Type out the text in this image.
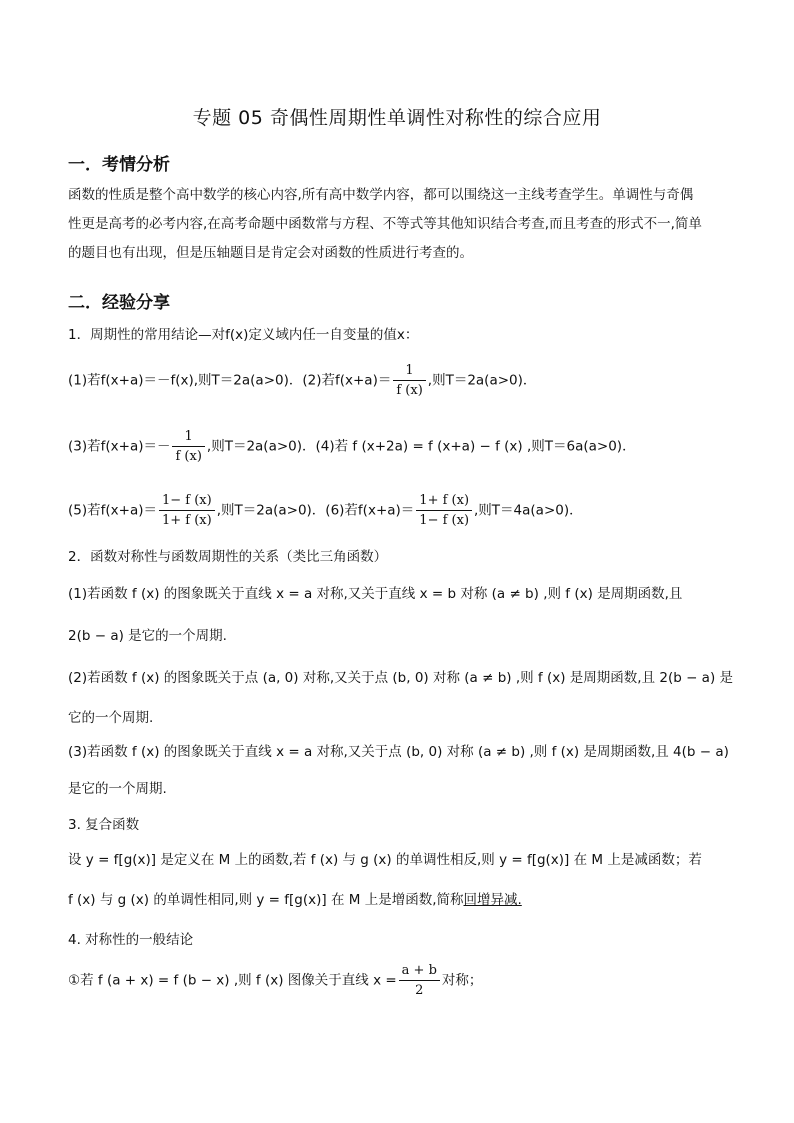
专题 05 奇偶性周期性单调性对称性的综合应用
一．考情分析
函数的性质是整个高中数学的核心内容,所有高中数学内容，都可以围绕这一主线考查学生。单调性与奇偶
性更是高考的必考内容,在高考命题中函数常与方程、不等式等其他知识结合考查,而且考查的形式不一,简单
的题目也有出现，但是压轴题目是肯定会对函数的性质进行考查的。
二．经验分享
1．周期性的常用结论—对f(x)定义域内任一自变量的值x：
(1)若f(x+a)＝－f(x),则T＝2a(a>0)．(2)若$f(x+a)= \frac{1}{f (x)}$ ,则T＝2a(a>0)．
(3)若$f(x+a)=- \frac{1}{f (x)}$ ,则T＝2a(a>0)．(4)若 f (x+2a) = f (x+a) − f (x) ,则T＝6a(a>0)．
(5)若$f(x+a)= \frac{1- f (x)}{1+ f (x)}$ ,则T＝2a(a>0)．(6)若$f(x+a)= \frac{1+ f (x)}{1- f (x)}$ ,则T＝4a(a>0)．
2．函数对称性与函数周期性的关系（类比三角函数）
(1)若函数 f (x) 的图象既关于直线 x = a 对称,又关于直线 x = b 对称 (a ≠ b) ,则 f (x) 是周期函数,且
2(b − a) 是它的一个周期.
(2)若函数 f (x) 的图象既关于点 (a, 0) 对称,又关于点 (b, 0) 对称 (a ≠ b) ,则 f (x) 是周期函数,且 2(b − a) 是
它的一个周期.
(3)若函数 f (x) 的图象既关于直线 x = a 对称,又关于点 (b, 0) 对称 (a ≠ b) ,则 f (x) 是周期函数,且 4(b − a)
是它的一个周期.
3. 复合函数
设 y = f[g(x)] 是定义在 M 上的函数,若 f (x) 与 g (x) 的单调性相反,则 y = f[g(x)] 在 M 上是减函数；若
f (x) 与 g (x) 的单调性相同,则 y = f[g(x)] 在 M 上是增函数,简称回增异减.
4. 对称性的一般结论
①若 f (a + x) = f (b − x) ,则 f (x) 图像关于直线 $x = \frac{a + b}{2}$ 对称；
